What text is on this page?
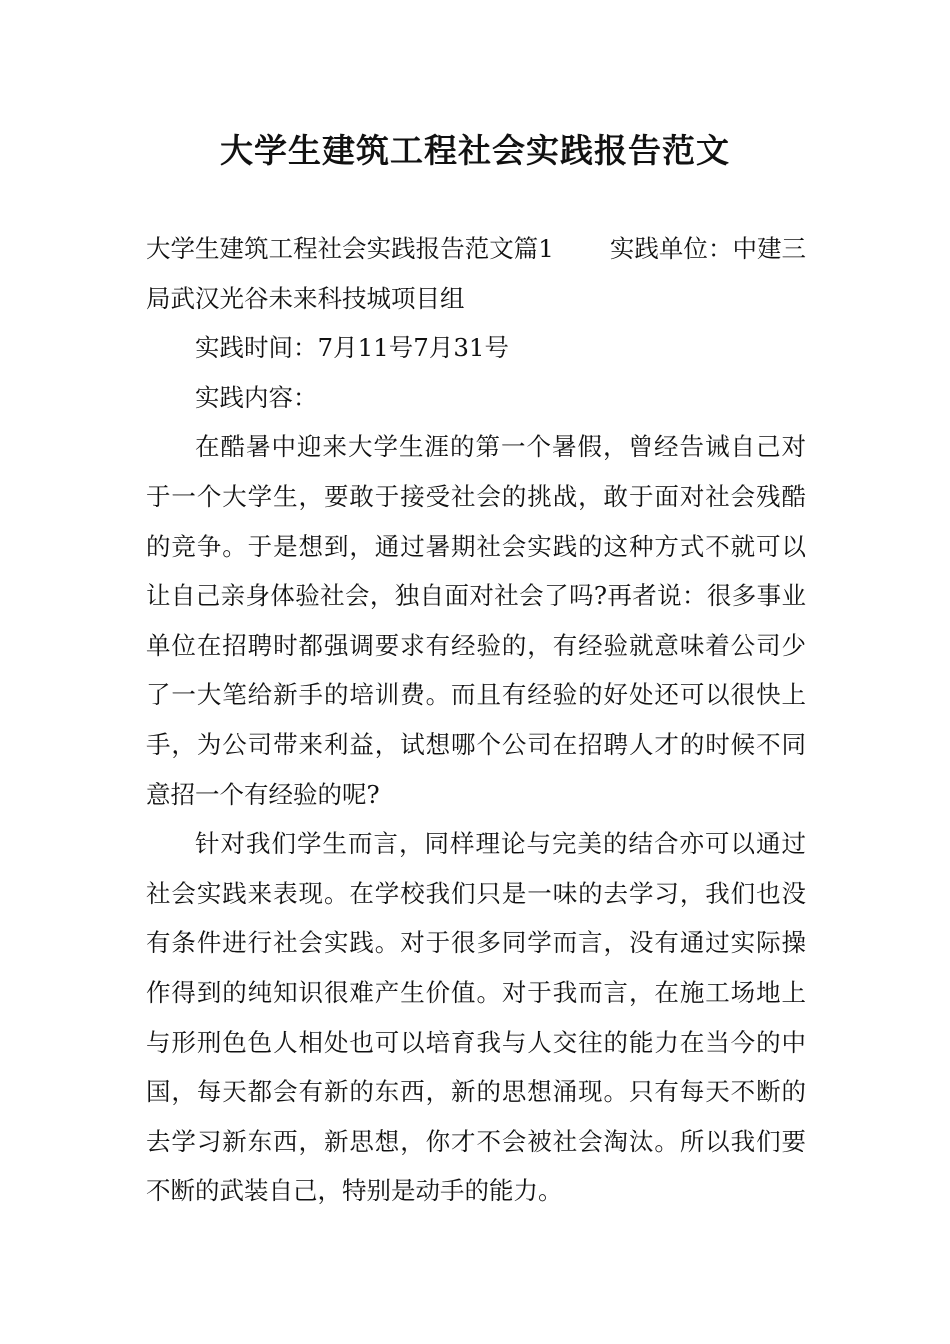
大学生建筑工程社会实践报告范文

大学生建筑工程社会实践报告范文篇1 实践单位：中建三局武汉光谷未来科技城项目组

实践时间：7月11号7月31号

实践内容：

在酷暑中迎来大学生涯的第一个暑假，曾经告诫自己对于一个大学生，要敢于接受社会的挑战，敢于面对社会残酷的竞争。于是想到，通过暑期社会实践的这种方式不就可以让自己亲身体验社会，独自面对社会了吗?再者说：很多事业单位在招聘时都强调要求有经验的，有经验就意味着公司少了一大笔给新手的培训费。而且有经验的好处还可以很快上手，为公司带来利益，试想哪个公司在招聘人才的时候不同意招一个有经验的呢?

针对我们学生而言，同样理论与完美的结合亦可以通过社会实践来表现。在学校我们只是一味的去学习，我们也没有条件进行社会实践。对于很多同学而言，没有通过实际操作得到的纯知识很难产生价值。对于我而言，在施工场地上与形刑色色人相处也可以培育我与人交往的能力在当今的中国，每天都会有新的东西，新的思想涌现。只有每天不断的去学习新东西，新思想，你才不会被社会淘汰。所以我们要不断的武装自己，特别是动手的能力。
